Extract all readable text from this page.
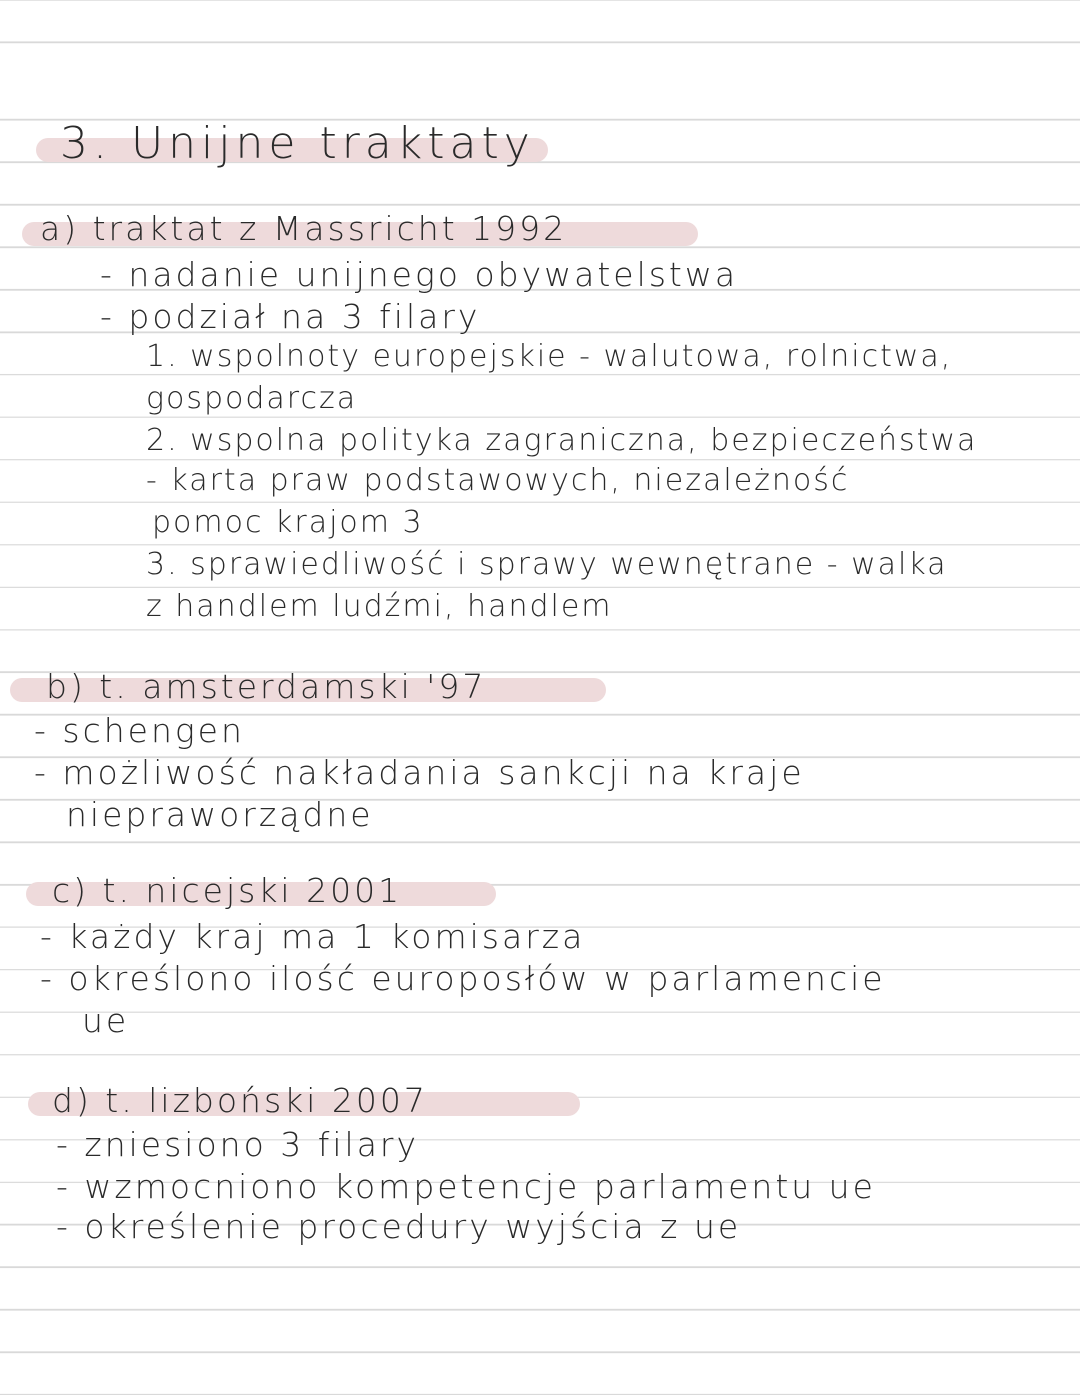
3. Unijne traktaty
a) traktat z Massricht 1992
- nadanie unijnego obywatelstwa
- podział na 3 filary
1. wspolnoty europejskie - walutowa, rolnictwa,
gospodarcza
2. wspolna polityka zagraniczna, bezpieczeństwa
- karta praw podstawowych, niezależność
pomoc krajom 3
3. sprawiedliwość i sprawy wewnętrane - walka
z handlem ludźmi, handlem
b) t. amsterdamski '97
- schengen
- możliwość nakładania sankcji na kraje
niepraworządne
c) t. nicejski 2001
- każdy kraj ma 1 komisarza
- określono ilość europosłów w parlamencie
ue
d) t. lizboński 2007
- zniesiono 3 filary
- wzmocniono kompetencje parlamentu ue
- określenie procedury wyjścia z ue
